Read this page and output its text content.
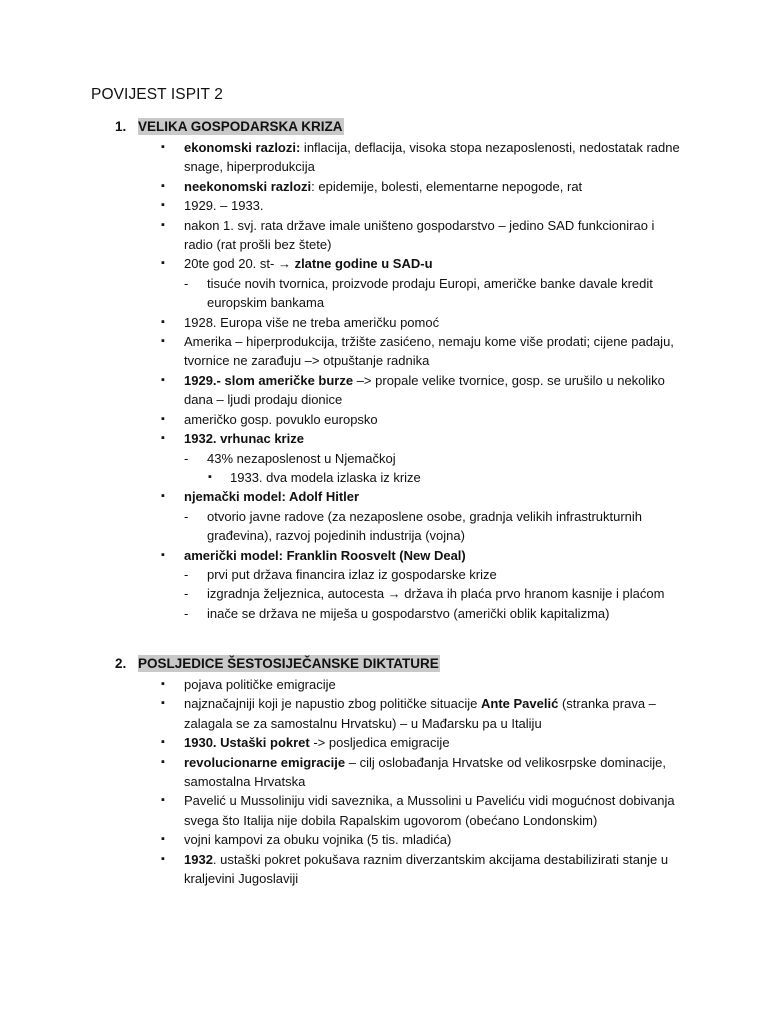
POVIJEST ISPIT 2
1. VELIKA GOSPODARSKA KRIZA
▪ ekonomski razlozi: inflacija, deflacija, visoka stopa nezaposlenosti, nedostatak radne snage, hiperprodukcija
▪ neekonomski razlozi: epidemije, bolesti, elementarne nepogode, rat
▪ 1929. – 1933.
▪ nakon 1. svj. rata države imale uništeno gospodarstvo – jedino SAD funkcionirao i radio (rat prošli bez štete)
▪ 20te god 20. st- → zlatne godine u SAD-u
- tisuće novih tvornica, proizvode prodaju Europi, američke banke davale kredit europskim bankama
▪ 1928. Europa više ne treba američku pomoć
▪ Amerika – hiperprodukcija, tržište zasićeno, nemaju kome više prodati; cijene padaju, tvornice ne zarađuju –> otpuštanje radnika
▪ 1929.- slom američke burze –> propale velike tvornice, gosp. se urušilo u nekoliko dana – ljudi prodaju dionice
▪ američko gosp. povuklo europsko
▪ 1932. vrhunac krize
- 43% nezaposlenost u Njemačkoj
▪ 1933. dva modela izlaska iz krize
▪ njemački model: Adolf Hitler
- otvorio javne radove (za nezaposlene osobe, gradnja velikih infrastrukturnih građevina), razvoj pojedinih industrija (vojna)
▪ američki model: Franklin Roosvelt (New Deal)
- prvi put država financira izlaz iz gospodarske krize
- izgradnja željeznica, autocesta → država ih plaća prvo hranom kasnije i plaćom
- inače se država ne miješa u gospodarstvo (američki oblik kapitalizma)
2. POSLJEDICE ŠESTOSIJEČANSKE DIKTATURE
▪ pojava političke emigracije
▪ najznačajniji koji je napustio zbog političke situacije Ante Pavelić (stranka prava – zalagala se za samostalnu Hrvatsku) – u Mađarsku pa u Italiju
▪ 1930. Ustaški pokret -> posljedica emigracije
▪ revolucionarne emigracije – cilj oslobađanja Hrvatske od velikosrpske dominacije, samostalna Hrvatska
▪ Pavelić u Mussoliniju vidi saveznika, a Mussolini u Paveliću vidi mogućnost dobivanja svega što Italija nije dobila Rapalskim ugovorom (obećano Londonskim)
▪ vojni kampovi za obuku vojnika (5 tis. mladića)
▪ 1932. ustaški pokret pokušava raznim diverzantskim akcijama destabilizirati stanje u kraljevini Jugoslaviji
